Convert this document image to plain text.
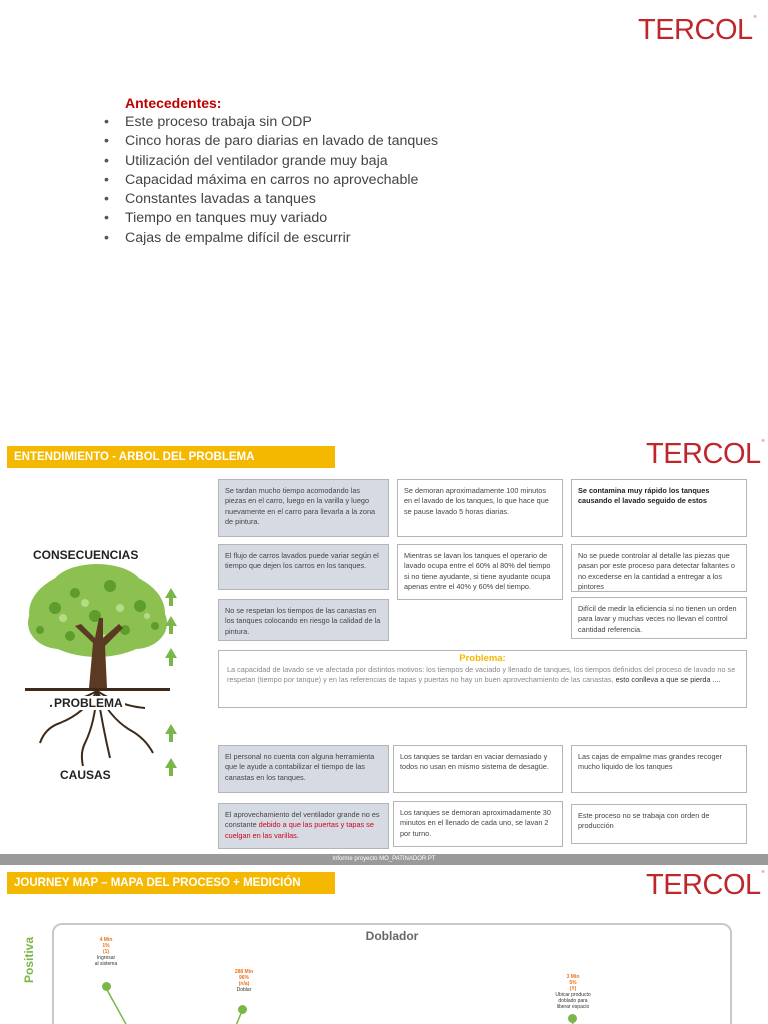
TERCOL®
Antecedentes:
• Este proceso trabaja sin ODP
• Cinco horas de paro diarias en lavado de tanques
• Utilización del ventilador grande muy baja
• Capacidad máxima en carros no aprovechable
• Constantes lavadas a tanques
• Tiempo en tanques muy variado
• Cajas de empalme difícil de escurrir
ENTENDIMIENTO - ARBOL DEL PROBLEMA	TERCOL®
CONSECUENCIAS
PROBLEMA
CAUSAS
Se tardan mucho tiempo acomodando las piezas en el carro, luego en la varilla y luego nuevamente en el carro para llevarla a la zona de pintura.
Se demoran aproximadamente 100 minutos en el lavado de los tanques, lo que hace que se pause lavado 5 horas diarias.
Se contamina muy rápido los tanques causando el lavado seguido de estos
El flujo de carros lavados puede variar según el tiempo que dejen los carros en los tanques.
Mientras se lavan los tanques el operario de lavado ocupa entre el 60% al 80% del tiempo si no tiene ayudante, si tiene ayudante ocupa apenas entre el 40% y 60% del tiempo.
No se puede controlar al detalle las piezas que pasan por este proceso para detectar faltantes o no excederse en la cantidad a entregar a los pintores
No se respetan los tiempos de las canastas en los tanques colocando en riesgo la calidad de la pintura.
Difícil de medir la eficiencia si no tienen un orden para lavar y muchas veces no llevan el control cantidad referencia.
Problema:
La capacidad de lavado se ve afectada por distintos motivos: los tiempos de vaciado y llenado de tanques, los tiempos definidos del proceso de lavado no se respetan (tiempo por tanque) y en las referencias de tapas y puertas no hay un buen aprovechamiento de las canastas, esto conlleva a que se pierda ....
El personal no cuenta con alguna herramienta que le ayude a contabilizar el tiempo de las canastas en los tanques.
Los tanques se tardan en vaciar demasiado y todos no usan en mismo sistema de desagüe.
Las cajas de empalme mas grandes recoger mucho liquido de los tanques
El aprovechamiento del ventilador grande no es constante debido a que las puertas y tapas se cuelgan en las varillas.
Los tanques se demoran aproximadamente 30 minutos en el llenado de cada uno, se lavan 2 por turno.
Este proceso no se trabaja con orden de producción
Informe proyecto MO_PATINADOR PT
JOURNEY MAP – MAPA DEL PROCESO + MEDICIÓN	TERCOL®
Positiva
Doblador
4 Min
1%
(1)
Ingresar
al sistema
288 Min
96%
(n/a)
Doblar
3 Min
5%
(Y)
Ubicar producto
doblado para
liberar espacio
